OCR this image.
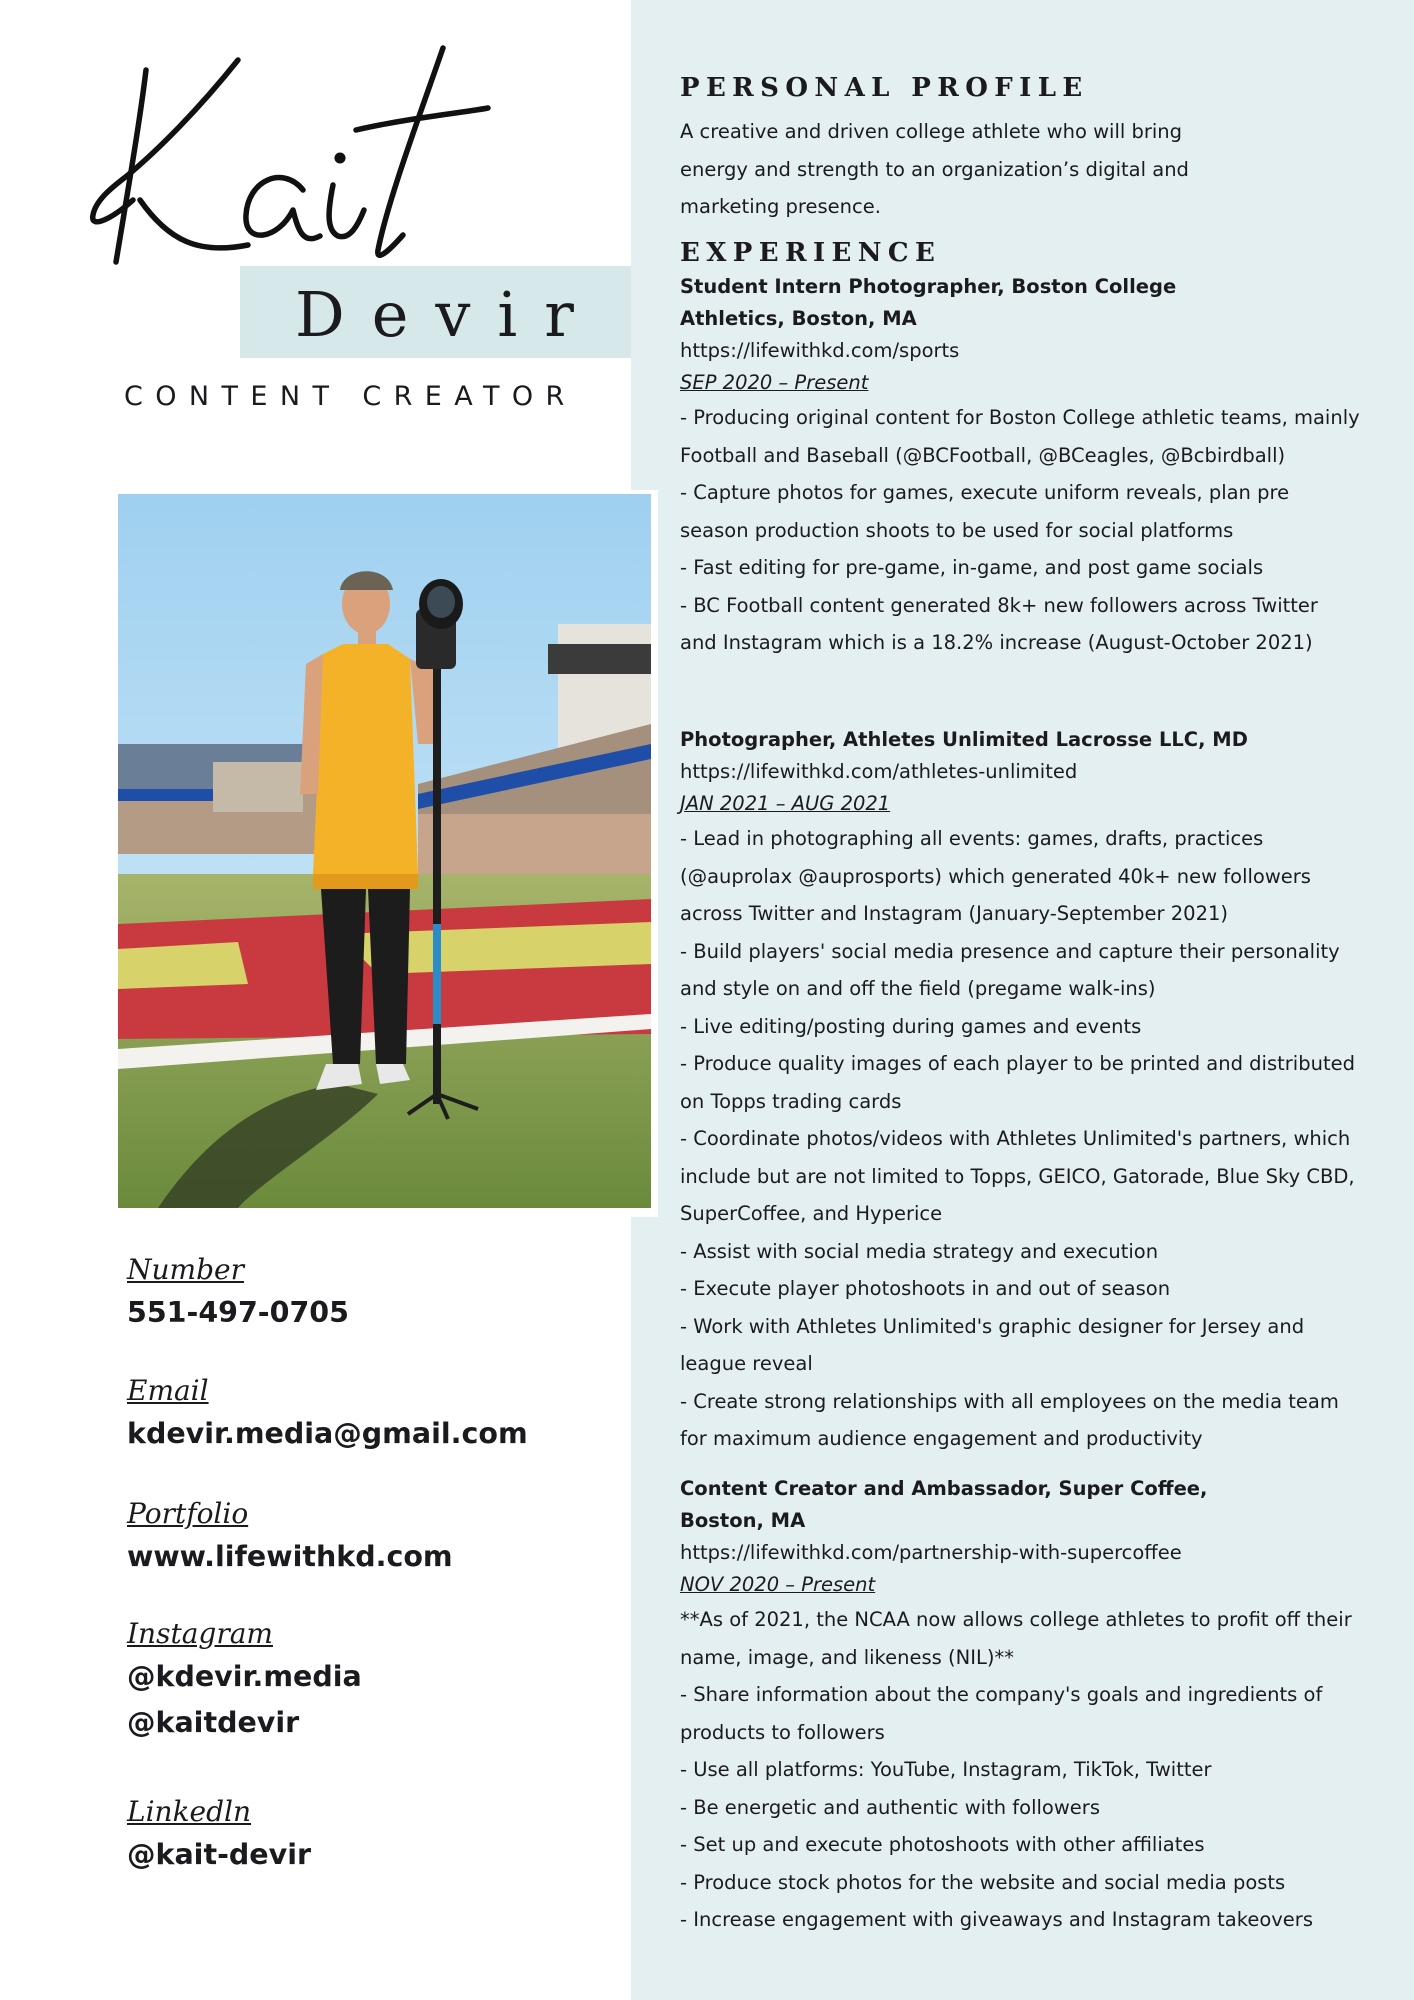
Devir
CONTENT CREATOR
Number
551-497-0705
Email
kdevir.media@gmail.com
Portfolio
www.lifewithkd.com
Instagram
@kdevir.media
@kaitdevir
Linkedln
@kait-devir
PERSONAL PROFILE
A creative and driven college athlete who will bring energy and strength to an organization’s digital and marketing presence.
EXPERIENCE
Student Intern Photographer, Boston College Athletics, Boston, MA
https://lifewithkd.com/sports
SEP 2020 – Present
- Producing original content for Boston College athletic teams, mainly Football and Baseball (@BCFootball, @BCeagles, @Bcbirdball)
- Capture photos for games, execute uniform reveals, plan pre season production shoots to be used for social platforms
- Fast editing for pre-game, in-game, and post game socials
- BC Football content generated 8k+ new followers across Twitter and Instagram which is a 18.2% increase (August-October 2021)
Photographer, Athletes Unlimited Lacrosse LLC, MD
https://lifewithkd.com/athletes-unlimited
JAN 2021 – AUG 2021
- Lead in photographing all events: games, drafts, practices (@auprolax @auprosports) which generated 40k+ new followers across Twitter and Instagram (January-September 2021)
- Build players' social media presence and capture their personality and style on and off the field (pregame walk-ins)
- Live editing/posting during games and events
- Produce quality images of each player to be printed and distributed on Topps trading cards
- Coordinate photos/videos with Athletes Unlimited's partners, which include but are not limited to Topps, GEICO, Gatorade, Blue Sky CBD, SuperCoffee, and Hyperice
- Assist with social media strategy and execution
- Execute player photoshoots in and out of season
- Work with Athletes Unlimited's graphic designer for Jersey and league reveal
- Create strong relationships with all employees on the media team for maximum audience engagement and productivity
Content Creator and Ambassador, Super Coffee, Boston, MA
https://lifewithkd.com/partnership-with-supercoffee
NOV 2020 – Present
**As of 2021, the NCAA now allows college athletes to profit off their name, image, and likeness (NIL)**
- Share information about the company's goals and ingredients of products to followers
- Use all platforms: YouTube, Instagram, TikTok, Twitter
- Be energetic and authentic with followers
- Set up and execute photoshoots with other affiliates
- Produce stock photos for the website and social media posts
- Increase engagement with giveaways and Instagram takeovers
